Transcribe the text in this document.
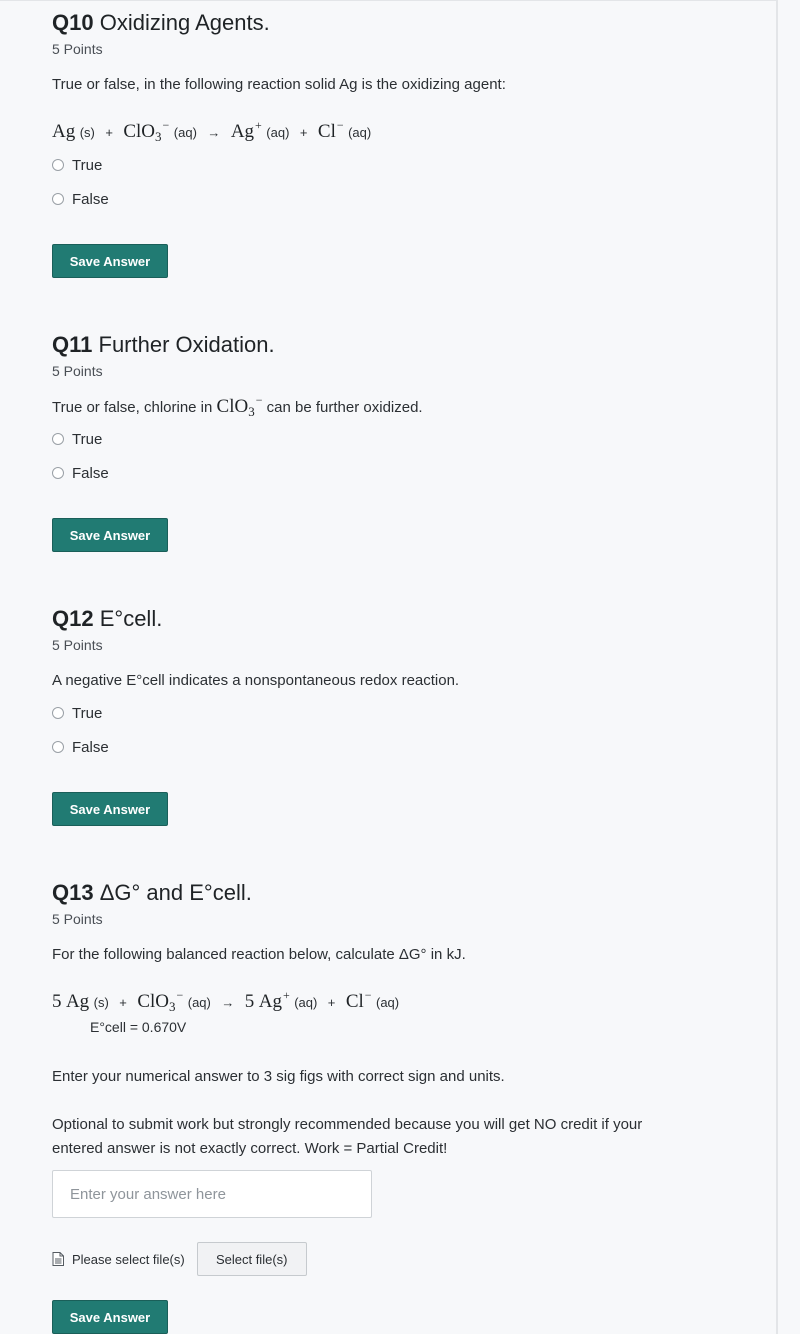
Q10 Oxidizing Agents.
5 Points
True or false, in the following reaction solid Ag is the oxidizing agent:
Ag (s) + ClO$_3$− (aq) → Ag+ (aq) + Cl− (aq)
True
False
Save Answer
Q11 Further Oxidation.
5 Points
True or false, chlorine in ClO$_3$− can be further oxidized.
True
False
Save Answer
Q12 E°cell.
5 Points
A negative E°cell indicates a nonspontaneous redox reaction.
True
False
Save Answer
Q13 ΔG° and E°cell.
5 Points
For the following balanced reaction below, calculate ΔG° in kJ.
5 Ag (s) + ClO$_3$− (aq) → 5 Ag+ (aq) + Cl− (aq)
E°cell = 0.670V
Enter your numerical answer to 3 sig figs with correct sign and units.
Optional to submit work but strongly recommended because you will get NO credit if your
entered answer is not exactly correct. Work = Partial Credit!
Enter your answer here
Please select file(s)	Select file(s)
Save Answer
